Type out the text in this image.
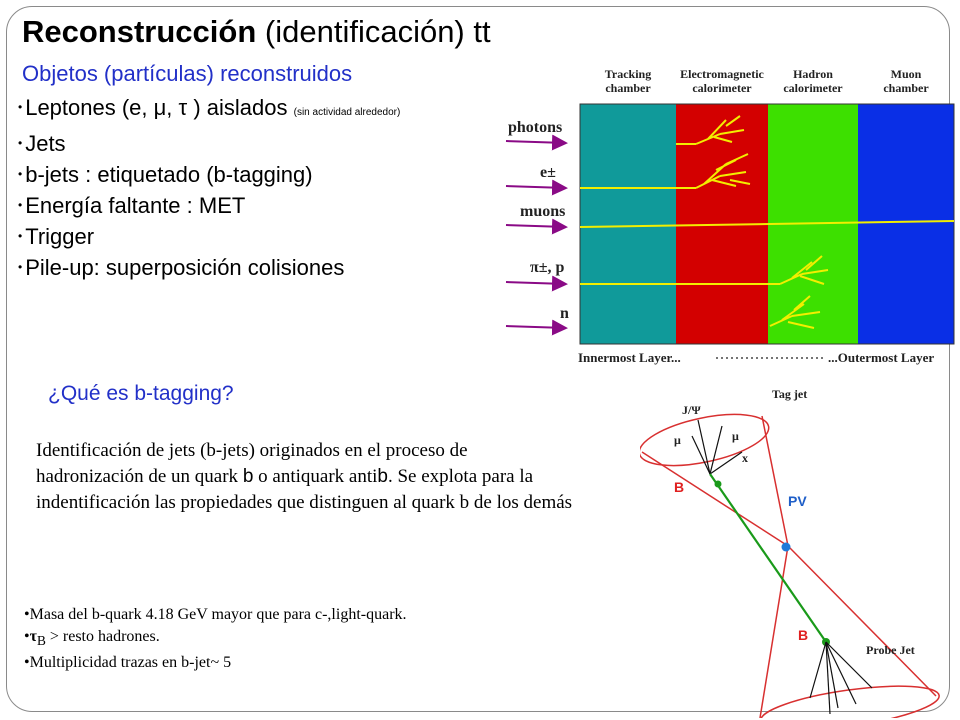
Reconstrucción (identificación) tt
Objetos (partículas) reconstruidos
• Leptones (e, μ, τ ) aislados (sin actividad alrededor)
• Jets
• b-jets : etiquetado (b-tagging)
• Energía faltante : MET
• Trigger
• Pile-up: superposición colisiones
¿Qué es b-tagging?
Identificación de jets (b-jets) originados en el proceso de hadronización de un quark b o antiquark antib. Se explota para la indentificación las propiedades que distinguen al quark b de los demás
•Masa del b-quark 4.18 GeV mayor que para c-,light-quark.
$•\tau_B$ > resto hadrones.
•Multiplicidad trazas en b-jet~ 5
Tracking
chamber
Electromagnetic
calorimeter
Hadron
calorimeter
Muon
chamber
photons
e±
muons
π±, p
n
Innermost Layer...	...Outermost Layer
Tag jet
J/Ψ
μ	μ
x
Probe Jet
B
PV
B
